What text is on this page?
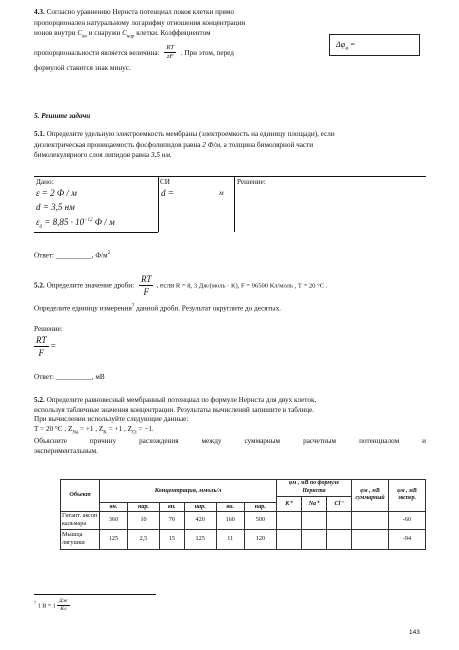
4.3. Согласно уравнению Нернста потенциал покоя клетки прямо
пропорционален натуральному логарифму отношения концентрации
ионов внутри $С_{вн}$ и снаружи $С_{нар}$ клетки. Коэффициентом
пропорциональности является величина: $\frac{RT}{zF}$ . При этом, перед
формулой ставится знак минус.
$\Delta\varphi_м$ =
5. Решите задачи
5.1. Определите удельную электроемкость мембраны (электроемкость на единицу площади), если
диэлектрическая проницаемость фосфолипидов равна 2 Ф/м, а толщина бимолярной части
бимолекулярного слоя липидов равна 3,5 нм.
Дано:	СИ	Решение:
ε = 2 Ф / м
d = 3,5 нм
$\varepsilon_0 = 8,85 \cdot 10^{-12}$ Ф / м
d =	м
Ответ: __________, $Ф/м^2$
5.2. Определите значение дроби: $\frac{RT}{F}$ , если R = 8, 3 Дж/(моль · К), F = 96500 Кл/моль , T = 20 °C .
Определите единицу измерения$^7$ данной дроби. Результат округлите до десятых.
Решение:
$\frac{RT}{F}$ =
Ответ: __________, мВ
5.2. Определите равновесный мембранный потенциал по формуле Нернста для двух клеток,
используя табличные значения концентрации. Результаты вычислений запишите в таблице.
При вычислении используйте следующие данные:
T = 20 °C , $Z_{Na} = +1$ , $Z_K = +1$ , $Z_{Cl} = -1$.
Объясните причину расхождения между суммарным расчетным потенциалом и
экспериментальным.
Объект	Концентрация, ммоль/л						φм , мВ по формуле Нернста			φм , мВ суммарный	φм , мВ экспер.
							K⁺	Na⁺	Cl⁻		
	вн.	нар.	вн.	нар.	вн.	нар.					
Гигант. аксон кальмара	360	10	70	420	160	500					-60
Мышца лягушки	125	2,5	15	125	11	120					-94
$^7$ 1 $В = 1 \frac{Дж}{Кл}$
143
